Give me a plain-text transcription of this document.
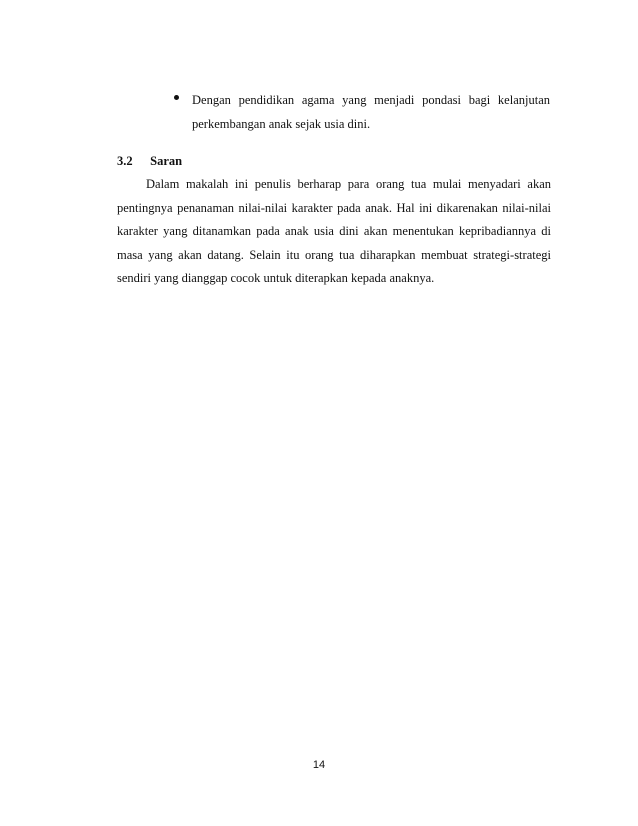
Dengan pendidikan agama yang menjadi pondasi bagi kelanjutan
perkembangan anak sejak usia dini.
3.2 Saran
Dalam makalah ini penulis berharap para orang tua mulai menyadari akan
pentingnya penanaman nilai-nilai karakter pada anak. Hal ini dikarenakan nilai-nilai
karakter yang ditanamkan pada anak usia dini akan menentukan kepribadiannya di
masa yang akan datang. Selain itu orang tua diharapkan membuat strategi-strategi
sendiri yang dianggap cocok untuk diterapkan kepada anaknya.
14
